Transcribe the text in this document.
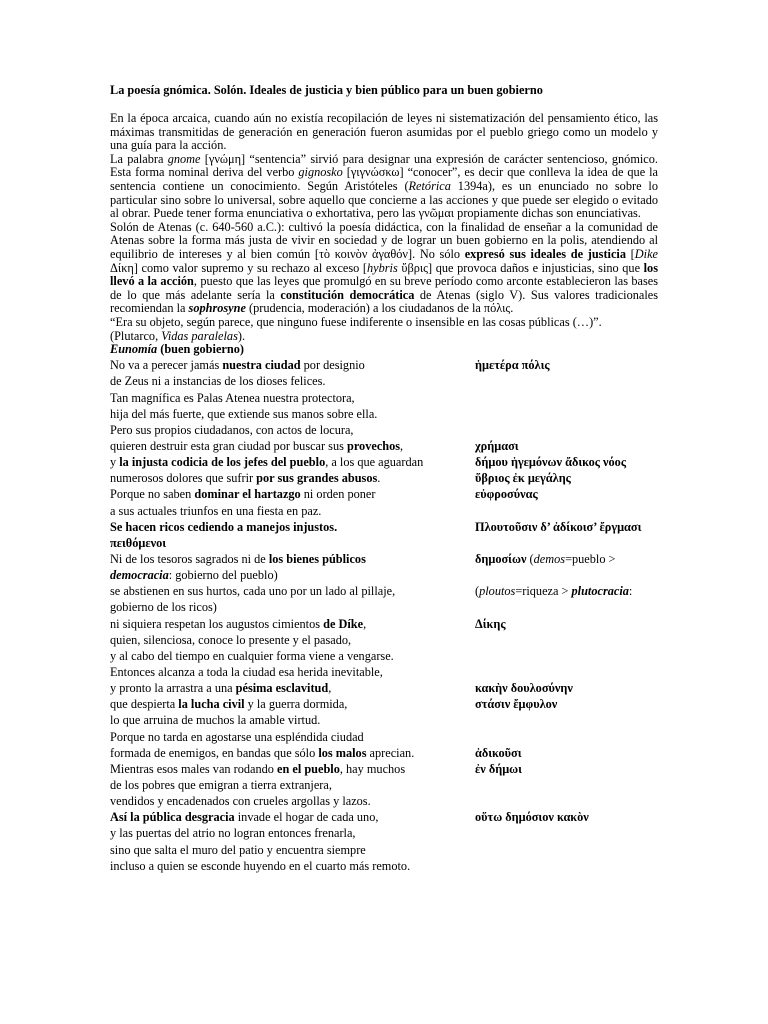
La poesía gnómica. Solón. Ideales de justicia y bien público para un buen gobierno

En la época arcaica, cuando aún no existía recopilación de leyes ni sistematización del pensamiento ético, las máximas transmitidas de generación en generación fueron asumidas por el pueblo griego como un modelo y una guía para la acción.

La palabra gnome [γνώμη] “sentencia” sirvió para designar una expresión de carácter sentencioso, gnómico. Esta forma nominal deriva del verbo gignosko [γιγνώσκω] “conocer”, es decir que conlleva la idea de que la sentencia contiene un conocimiento. Según Aristóteles (Retórica 1394a), es un enunciado no sobre lo particular sino sobre lo universal, sobre aquello que concierne a las acciones y que puede ser elegido o evitado al obrar. Puede tener forma enunciativa o exhortativa, pero las γνῶμαι propiamente dichas son enunciativas.

Solón de Atenas (c. 640-560 a.C.): cultivó la poesía didáctica, con la finalidad de enseñar a la comunidad de Atenas sobre la forma más justa de vivir en sociedad y de lograr un buen gobierno en la polis, atendiendo al equilibrio de intereses y al bien común [τὸ κοινὸν ἀγαθόν]. No sólo expresó sus ideales de justicia [Dike Δίκη] como valor supremo y su rechazo al exceso [hybris ὕβρις] que provoca daños e injusticias, sino que los llevó a la acción, puesto que las leyes que promulgó en su breve período como arconte establecieron las bases de lo que más adelante sería la constitución democrática de Atenas (siglo V). Sus valores tradicionales recomiendan la sophrosyne (prudencia, moderación) a los ciudadanos de la πόλις.

“Era su objeto, según parece, que ninguno fuese indiferente o insensible en las cosas públicas (…)”.

(Plutarco, Vidas paralelas).

Eunomía (buen gobierno)

No va a perecer jamás nuestra ciudad por designio	ἡμετέρα πόλις
de Zeus ni a instancias de los dioses felices.
Tan magnífica es Palas Atenea nuestra protectora,
hija del más fuerte, que extiende sus manos sobre ella.
Pero sus propios ciudadanos, con actos de locura,
quieren destruir esta gran ciudad por buscar sus provechos,	χρήμασι
y la injusta codicia de los jefes del pueblo, a los que aguardan	δήμου ἡγεμόνων ἄδικος νόος
numerosos dolores que sufrir por sus grandes abusos.	ὕβριος ἐκ μεγάλης
Porque no saben dominar el hartazgo ni orden poner	εὐφροσύνας
a sus actuales triunfos en una fiesta en paz.
Se hacen ricos cediendo a manejos injustos.	Πλουτοῦσιν δ’ ἀδίκοισ’ ἔργμασι
πειθόμενοι
Ni de los tesoros sagrados ni de los bienes públicos	δημοσίων (demos=pueblo >
democracia: gobierno del pueblo)
se abstienen en sus hurtos, cada uno por un lado al pillaje,	(ploutos=riqueza > plutocracia:
gobierno de los ricos)
ni siquiera respetan los augustos cimientos de Díke,	Δίκης
quien, silenciosa, conoce lo presente y el pasado,
y al cabo del tiempo en cualquier forma viene a vengarse.
Entonces alcanza a toda la ciudad esa herida inevitable,
y pronto la arrastra a una pésima esclavitud,	κακὴν δουλοσύνην
que despierta la lucha civil y la guerra dormida,	στάσιν ἔμφυλον
lo que arruina de muchos la amable virtud.
Porque no tarda en agostarse una espléndida ciudad
formada de enemigos, en bandas que sólo los malos aprecian.	ἀδικοῦσι
Mientras esos males van rodando en el pueblo, hay muchos	ἐν δήμωι
de los pobres que emigran a tierra extranjera,
vendidos y encadenados con crueles argollas y lazos.
Así la pública desgracia invade el hogar de cada uno,	οὕτω δημόσιον κακὸν
y las puertas del atrio no logran entonces frenarla,
sino que salta el muro del patio y encuentra siempre
incluso a quien se esconde huyendo en el cuarto más remoto.
